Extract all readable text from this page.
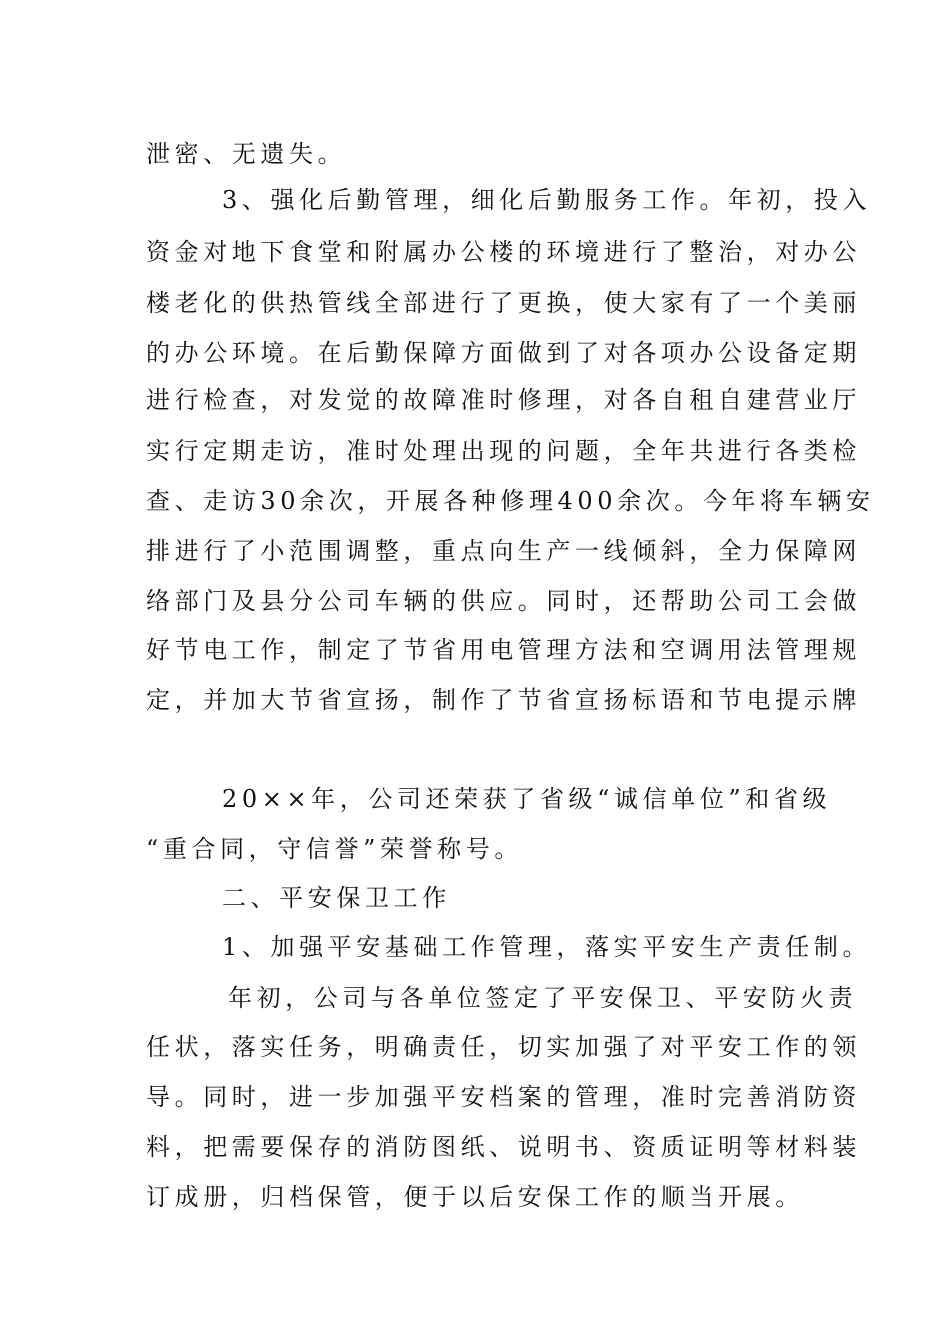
泄密、无遗失。
3、强化后勤管理，细化后勤服务工作。年初，投入
资金对地下食堂和附属办公楼的环境进行了整治，对办公
楼老化的供热管线全部进行了更换，使大家有了一个美丽
的办公环境。在后勤保障方面做到了对各项办公设备定期
进行检查，对发觉的故障准时修理，对各自租自建营业厅
实行定期走访，准时处理出现的问题，全年共进行各类检
查、走访30余次，开展各种修理400余次。今年将车辆安
排进行了小范围调整，重点向生产一线倾斜，全力保障网
络部门及县分公司车辆的供应。同时，还帮助公司工会做
好节电工作，制定了节省用电管理方法和空调用法管理规
定，并加大节省宣扬，制作了节省宣扬标语和节电提示牌
20××年，公司还荣获了省级“诚信单位”和省级
“重合同，守信誉”荣誉称号。
二、平安保卫工作
1、加强平安基础工作管理，落实平安生产责任制。
年初，公司与各单位签定了平安保卫、平安防火责
任状，落实任务，明确责任，切实加强了对平安工作的领
导。同时，进一步加强平安档案的管理，准时完善消防资
料，把需要保存的消防图纸、说明书、资质证明等材料装
订成册，归档保管，便于以后安保工作的顺当开展。
